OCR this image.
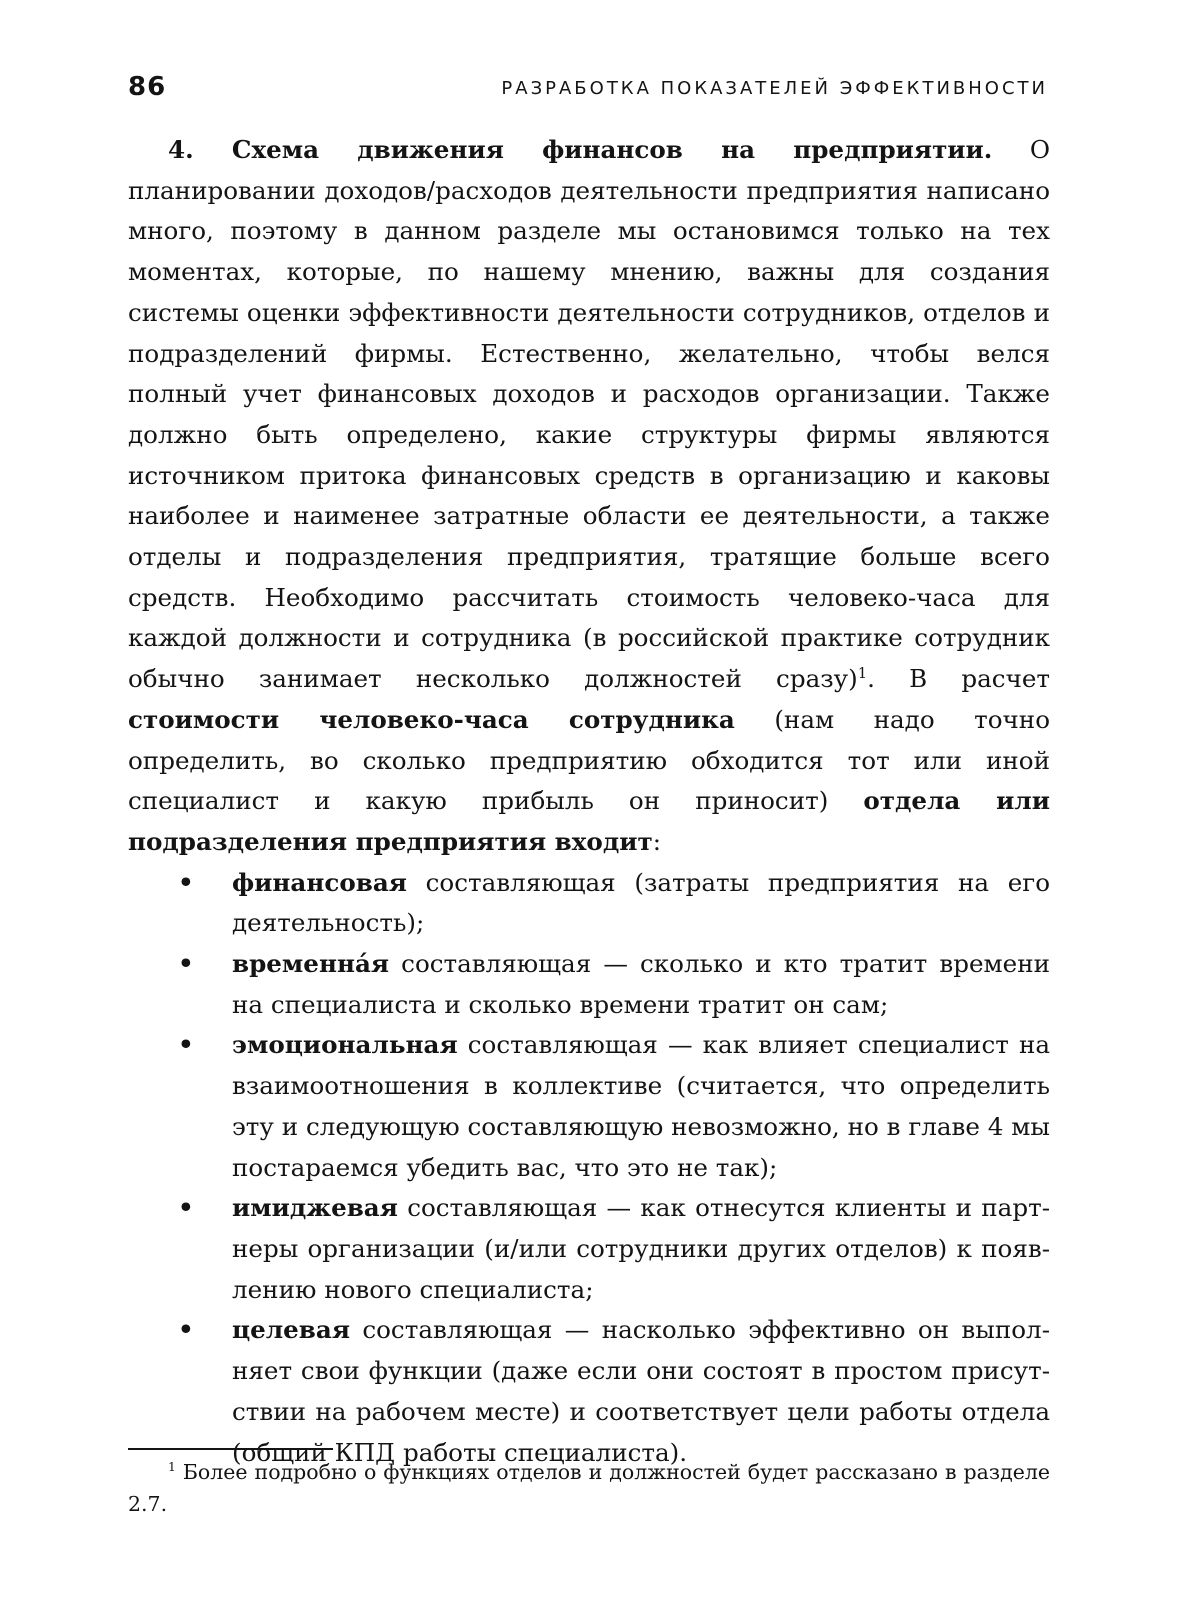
86	РАЗРАБОТКА ПОКАЗАТЕЛЕЙ ЭФФЕКТИВНОСТИ

4. Схема движения финансов на предприятии. О планировании доходов/расходов деятельности предприятия написано много, поэтому в данном разделе мы остановимся только на тех моментах, которые, по нашему мнению, важны для создания системы оценки эффективности деятельности сотрудников, отделов и подразделений фирмы. Естественно, желательно, чтобы велся полный учет финансовых доходов и расходов организации. Также должно быть определено, какие структуры фирмы являются источником притока финансовых средств в организацию и каковы наиболее и наименее затратные области ее деятельности, а также отделы и подразделения предприятия, тратящие больше всего средств. Необходимо рассчитать стоимость человеко-часа для каждой должности и сотрудника (в российской практике сотрудник обычно занимает несколько должностей сразу)$^1$. В расчет стоимости человеко-часа сотрудника (нам надо точно определить, во сколько предприятию обходится тот или иной специалист и какую прибыль он приносит) отдела или подразделения предприятия входит:

• финансовая составляющая (затраты предприятия на его деятельность);
• временна́я составляющая — сколько и кто тратит времени на специалиста и сколько времени тратит он сам;
• эмоциональная составляющая — как влияет специалист на взаимоотношения в коллективе (считается, что определить эту и следующую составляющую невозможно, но в главе 4 мы постараемся убедить вас, что это не так);
• имиджевая составляющая — как отнесутся клиенты и партнеры организации (и/или сотрудники других отделов) к появлению нового специалиста;
• целевая составляющая — насколько эффективно он выполняет свои функции (даже если они состоят в простом присутствии на рабочем месте) и соответствует цели работы отдела (общий КПД работы специалиста).

$^1$ Более подробно о функциях отделов и должностей будет рассказано в разделе 2.7.
